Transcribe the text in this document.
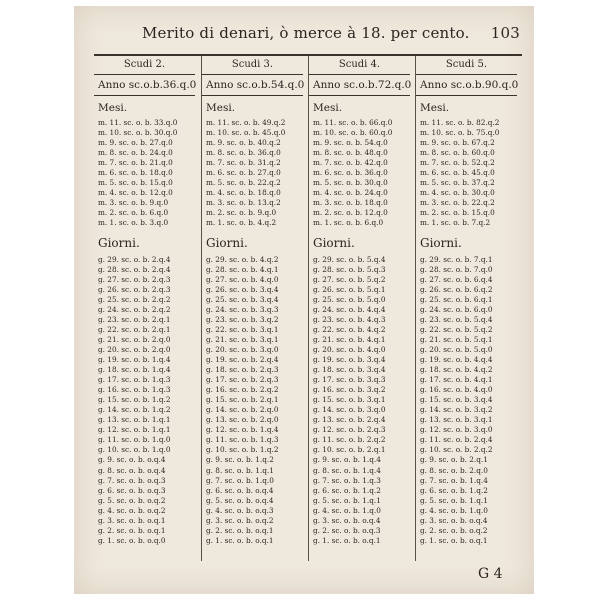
Merito di denari, ò merce à 18. per cento. 103
Scudi 2.
Anno sc.o.b.36.q.0
Mesi.
m. 11. sc. o. b. 33.q.0
m. 10. sc. o. b. 30.q.0
m. 9. sc. o. b. 27.q.0
m. 8. sc. o. b. 24.q.0
m. 7. sc. o. b. 21.q.0
m. 6. sc. o. b. 18.q.0
m. 5. sc. o. b. 15.q.0
m. 4. sc. o. b. 12.q.0
m. 3. sc. o. b. 9.q.0
m. 2. sc. o. b. 6.q.0
m. 1. sc. o. b. 3.q.0
Giorni.
g. 29. sc. o. b. 2.q.4
g. 28. sc. o. b. 2.q.4
g. 27. sc. o. b. 2.q.3
g. 26. sc. o. b. 2.q.3
g. 25. sc. o. b. 2.q.2
g. 24. sc. o. b. 2.q.2
g. 23. sc. o. b. 2.q.1
g. 22. sc. o. b. 2.q.1
g. 21. sc. o. b. 2.q.0
g. 20. sc. o. b. 2.q.0
g. 19. sc. o. b. 1.q.4
g. 18. sc. o. b. 1.q.4
g. 17. sc. o. b. 1.q.3
g. 16. sc. o. b. 1.q.3
g. 15. sc. o. b. 1.q.2
g. 14. sc. o. b. 1.q.2
g. 13. sc. o. b. 1.q.1
g. 12. sc. o. b. 1.q.1
g. 11. sc. o. b. 1.q.0
g. 10. sc. o. b. 1.q.0
g. 9. sc. o. b. o.q.4
g. 8. sc. o. b. o.q.4
g. 7. sc. o. b. o.q.3
g. 6. sc. o. b. o.q.3
g. 5. sc. o. b. o.q.2
g. 4. sc. o. b. o.q.2
g. 3. sc. o. b. o.q.1
g. 2. sc. o. b. o.q.1
g. 1. sc. o. b. o.q.0
Scudi 3.
Anno sc.o.b.54.q.0
Mesi.
m. 11. sc. o. b. 49.q.2
m. 10. sc. o. b. 45.q.0
m. 9. sc. o. b. 40.q.2
m. 8. sc. o. b. 36.q.0
m. 7. sc. o. b. 31.q.2
m. 6. sc. o. b. 27.q.0
m. 5. sc. o. b. 22.q.2
m. 4. sc. o. b. 18.q.0
m. 3. sc. o. b. 13.q.2
m. 2. sc. o. b. 9.q.0
m. 1. sc. o. b. 4.q.2
Giorni.
g. 29. sc. o. b. 4.q.2
g. 28. sc. o. b. 4.q.1
g. 27. sc. o. b. 4.q.0
g. 26. sc. o. b. 3.q.4
g. 25. sc. o. b. 3.q.4
g. 24. sc. o. b. 3.q.3
g. 23. sc. o. b. 3.q.2
g. 22. sc. o. b. 3.q.1
g. 21. sc. o. b. 3.q.1
g. 20. sc. o. b. 3.q.0
g. 19. sc. o. b. 2.q.4
g. 18. sc. o. b. 2.q.3
g. 17. sc. o. b. 2.q.3
g. 16. sc. o. b. 2.q.2
g. 15. sc. o. b. 2.q.1
g. 14. sc. o. b. 2.q.0
g. 13. sc. o. b. 2.q.0
g. 12. sc. o. b. 1.q.4
g. 11. sc. o. b. 1.q.3
g. 10. sc. o. b. 1.q.2
g. 9. sc. o. b. 1.q.2
g. 8. sc. o. b. 1.q.1
g. 7. sc. o. b. 1.q.0
g. 6. sc. o. b. o.q.4
g. 5. sc. o. b. o.q.4
g. 4. sc. o. b. o.q.3
g. 3. sc. o. b. o.q.2
g. 2. sc. o. b. o.q.1
g. 1. sc. o. b. o.q.1
Scudi 4.
Anno sc.o.b.72.q.0
Mesi.
m. 11. sc. o. b. 66.q.0
m. 10. sc. o. b. 60.q.0
m. 9. sc. o. b. 54.q.0
m. 8. sc. o. b. 48.q.0
m. 7. sc. o. b. 42.q.0
m. 6. sc. o. b. 36.q.0
m. 5. sc. o. b. 30.q.0
m. 4. sc. o. b. 24.q.0
m. 3. sc. o. b. 18.q.0
m. 2. sc. o. b. 12.q.0
m. 1. sc. o. b. 6.q.0
Giorni.
g. 29. sc. o. b. 5.q.4
g. 28. sc. o. b. 5.q.3
g. 27. sc. o. b. 5.q.2
g. 26. sc. o. b. 5.q.1
g. 25. sc. o. b. 5.q.0
g. 24. sc. o. b. 4.q.4
g. 23. sc. o. b. 4.q.3
g. 22. sc. o. b. 4.q.2
g. 21. sc. o. b. 4.q.1
g. 20. sc. o. b. 4.q.0
g. 19. sc. o. b. 3.q.4
g. 18. sc. o. b. 3.q.4
g. 17. sc. o. b. 3.q.3
g. 16. sc. o. b. 3.q.2
g. 15. sc. o. b. 3.q.1
g. 14. sc. o. b. 3.q.0
g. 13. sc. o. b. 2.q.4
g. 12. sc. o. b. 2.q.3
g. 11. sc. o. b. 2.q.2
g. 10. sc. o. b. 2.q.1
g. 9. sc. o. b. 1.q.4
g. 8. sc. o. b. 1.q.4
g. 7. sc. o. b. 1.q.3
g. 6. sc. o. b. 1.q.2
g. 5. sc. o. b. 1.q.1
g. 4. sc. o. b. 1.q.0
g. 3. sc. o. b. o.q.4
g. 2. sc. o. b. o.q.3
g. 1. sc. o. b. o.q.1
Scudi 5.
Anno sc.o.b.90.q.0
Mesi.
m. 11. sc. o. b. 82.q.2
m. 10. sc. o. b. 75.q.0
m. 9. sc. o. b. 67.q.2
m. 8. sc. o. b. 60.q.0
m. 7. sc. o. b. 52.q.2
m. 6. sc. o. b. 45.q.0
m. 5. sc. o. b. 37.q.2
m. 4. sc. o. b. 30.q.0
m. 3. sc. o. b. 22.q.2
m. 2. sc. o. b. 15.q.0
m. 1. sc. o. b. 7.q.2
Giorni.
g. 29. sc. o. b. 7.q.1
g. 28. sc. o. b. 7.q.0
g. 27. sc. o. b. 6.q.4
g. 26. sc. o. b. 6.q.2
g. 25. sc. o. b. 6.q.1
g. 24. sc. o. b. 6.q.0
g. 23. sc. o. b. 5.q.4
g. 22. sc. o. b. 5.q.2
g. 21. sc. o. b. 5.q.1
g. 20. sc. o. b. 5.q.0
g. 19. sc. o. b. 4.q.4
g. 18. sc. o. b. 4.q.2
g. 17. sc. o. b. 4.q.1
g. 16. sc. o. b. 4.q.0
g. 15. sc. o. b. 3.q.4
g. 14. sc. o. b. 3.q.2
g. 13. sc. o. b. 3.q.1
g. 12. sc. o. b. 3.q.0
g. 11. sc. o. b. 2.q.4
g. 10. sc. o. b. 2.q.2
g. 9. sc. o. b. 2.q.1
g. 8. sc. o. b. 2.q.0
g. 7. sc. o. b. 1.q.4
g. 6. sc. o. b. 1.q.2
g. 5. sc. o. b. 1.q.1
g. 4. sc. o. b. 1.q.0
g. 3. sc. o. b. o.q.4
g. 2. sc. o. b. o.q.2
g. 1. sc. o. b. o.q.1
G 4
